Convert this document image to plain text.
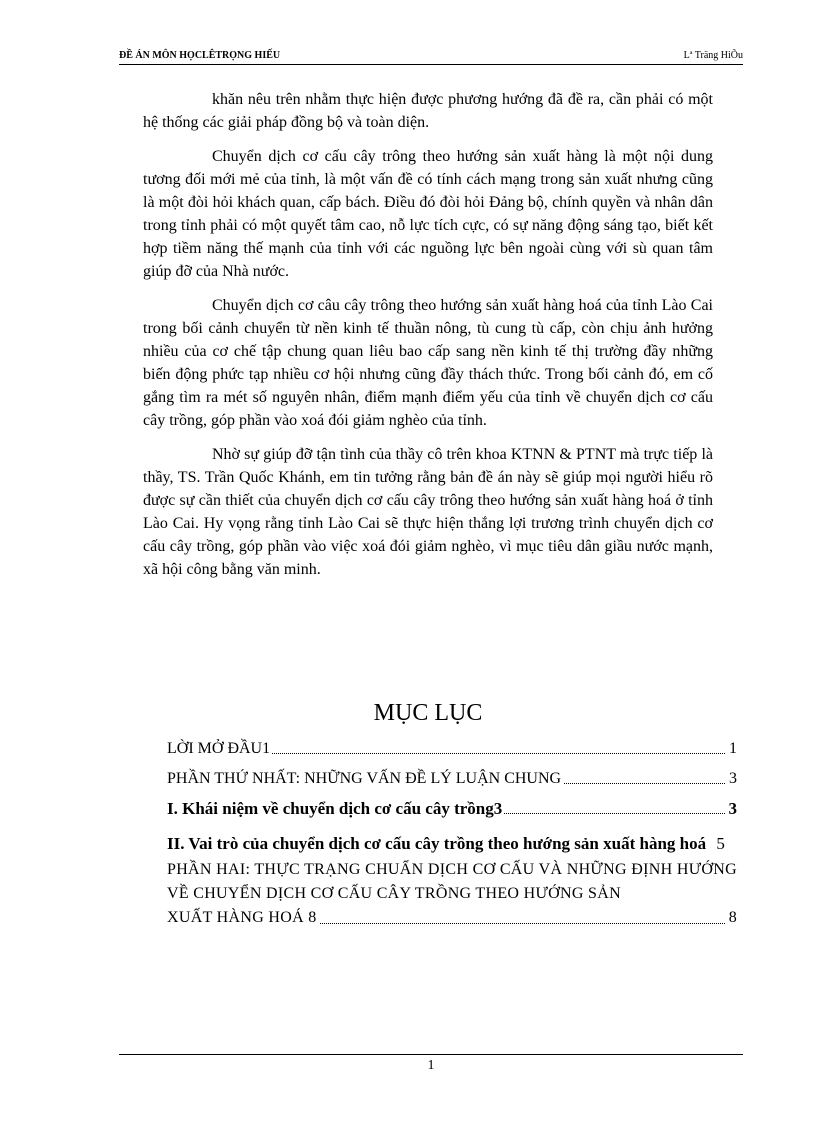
ĐỀ ÁN MÔN HỌCLÊTRỌNG HIẾU	Lª Träng HiÕu

khăn nêu trên nhằm thực hiện được phương hướng đã đề ra, cần phải có một hệ thống các giải pháp đồng bộ và toàn diện.

Chuyển dịch cơ cấu cây trông theo hướng sản xuất hàng là một nội dung tương đối mới mẻ của tỉnh, là một vấn đề có tính cách mạng trong sản xuất nhưng cũng là một đòi hỏi khách quan, cấp bách. Điều đó đòi hỏi Đảng bộ, chính quyền và nhân dân trong tỉnh phải có một quyết tâm cao, nỗ lực tích cực, có sự năng động sáng tạo, biết kết hợp tiềm năng thế mạnh của tỉnh với các nguồng lực bên ngoài cùng với sù quan tâm giúp đỡ của Nhà nước.

Chuyển dịch cơ câu cây trông theo hướng sản xuất hàng hoá của tỉnh Lào Cai trong bối cảnh chuyển từ nền kinh tế thuần nông, tù cung tù cấp, còn chịu ảnh hưởng nhiều của cơ chế tập chung quan liêu bao cấp sang nền kinh tế thị trường đầy những biến động phức tạp nhiều cơ hội nhưng cũng đầy thách thức. Trong bối cảnh đó, em cố gắng tìm ra mét số nguyên nhân, điểm mạnh điểm yếu của tỉnh về chuyển dịch cơ cấu cây trồng, góp phần vào xoá đói giảm nghèo của tỉnh.

Nhờ sự giúp đỡ tận tình của thầy cô trên khoa KTNN & PTNT mà trực tiếp là thầy, TS. Trần Quốc Khánh, em tin tưởng rằng bản đề án này sẽ giúp mọi người hiểu rõ được sự cần thiết của chuyển dịch cơ cấu cây trông theo hướng sản xuất hàng hoá ở tỉnh Lào Cai. Hy vọng rằng tỉnh Lào Cai sẽ thực hiện thắng lợi trương trình chuyển dịch cơ cấu cây trồng, góp phần vào việc xoá đói giảm nghèo, vì mục tiêu dân giầu nước mạnh, xã hội công bằng văn minh.

MỤC LỤC
LỜI MỞ ĐẦU1	1
PHẦN THỨ NHẤT: NHỮNG VẤN ĐỀ LÝ LUẬN CHUNG	3
I. Khái niệm về chuyển dịch cơ cấu cây trồng3	3
II. Vai trò của chuyển dịch cơ cấu cây trồng theo hướng sản xuất hàng hoá 5
PHẦN HAI: THỰC TRẠNG CHUẨN DỊCH CƠ CẤU VÀ NHỮNG ĐỊNH HƯỚNG VỀ CHUYỂN DỊCH CƠ CẤU CÂY TRỒNG THEO HƯỚNG SẢN
XUẤT HÀNG HOÁ 8	8
1
